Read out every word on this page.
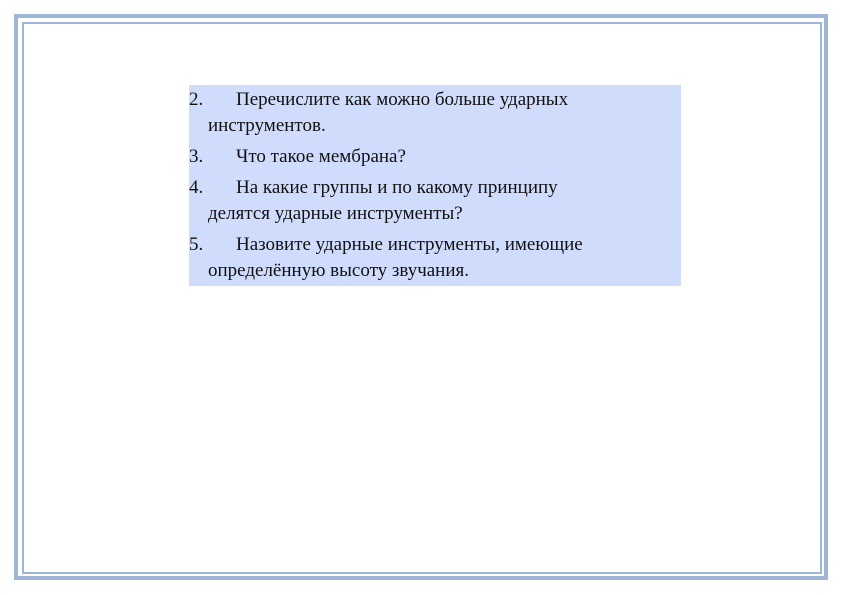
2.	Перечислите как можно больше ударных
инструментов.
3.	Что такое мембрана?
4.	На какие группы и по какому принципу
делятся ударные инструменты?
5.	Назовите ударные инструменты, имеющие
определённую высоту звучания.
